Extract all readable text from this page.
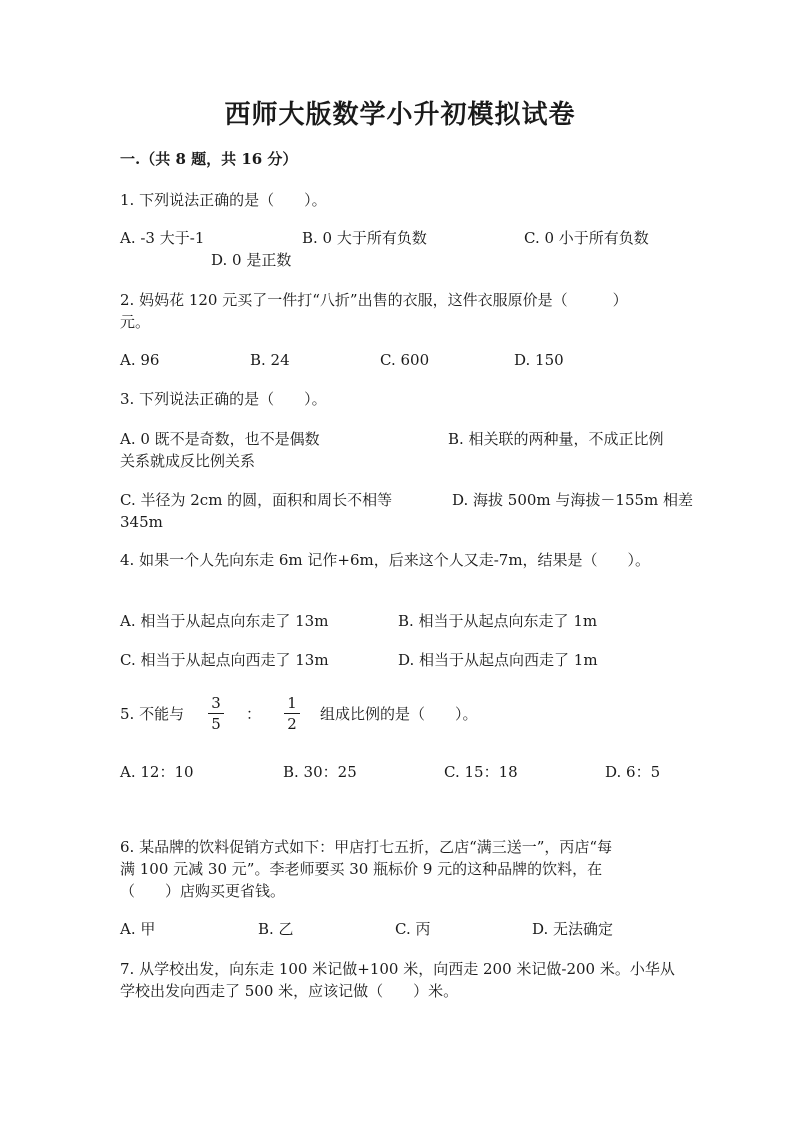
西师大版数学小升初模拟试卷
一.（共 8 题，共 16 分）
1. 下列说法正确的是（　　）。
A. -3 大于-1	B. 0 大于所有负数	C. 0 小于所有负数
D. 0 是正数
2. 妈妈花 120 元买了一件打“八折”出售的衣服，这件衣服原价是（　　　）
元。
A. 96	B. 24	C. 600	D. 150
3. 下列说法正确的是（　　）。
A. 0 既不是奇数，也不是偶数	B. 相关联的两种量，不成正比例
关系就成反比例关系
C. 半径为 2cm 的圆，面积和周长不相等	D. 海拔 500m 与海拔－155m 相差
345m
4. 如果一个人先向东走 6m 记作+6m，后来这个人又走-7m，结果是（　　）。
A. 相当于从起点向东走了 13m	B. 相当于从起点向东走了 1m
C. 相当于从起点向西走了 13m	D. 相当于从起点向西走了 1m
5. 不能与
3
5
：
1
2
组成比例的是（　　）。
A. 12：10	B. 30：25	C. 15：18	D. 6：5
6. 某品牌的饮料促销方式如下：甲店打七五折，乙店“满三送一”，丙店“每
满 100 元减 30 元”。李老师要买 30 瓶标价 9 元的这种品牌的饮料，在
（　　）店购买更省钱。
A. 甲	B. 乙	C. 丙	D. 无法确定
7. 从学校出发，向东走 100 米记做+100 米，向西走 200 米记做-200 米。小华从
学校出发向西走了 500 米，应该记做（　　）米。
